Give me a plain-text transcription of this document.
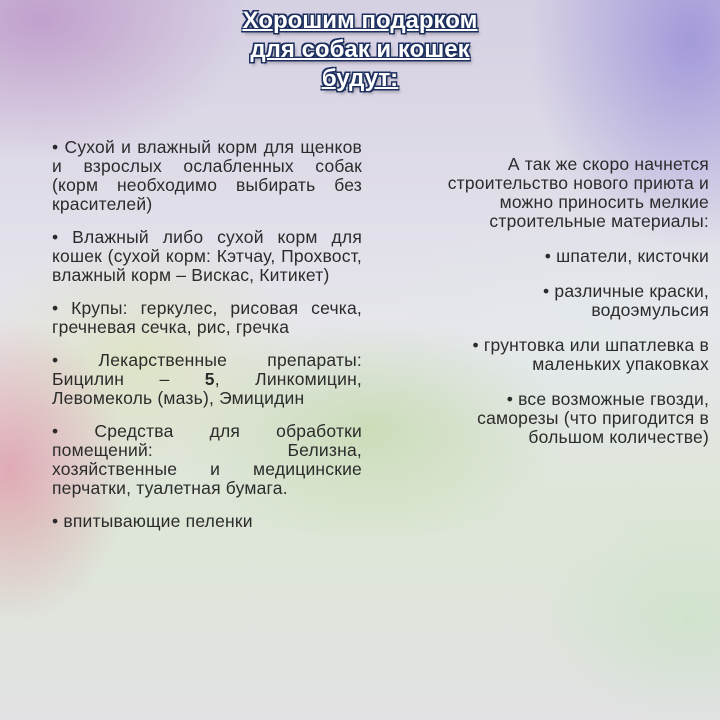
Хорошим подарком
для собак и кошек
будут:

• Сухой и влажный корм для щенков и взрослых ослабленных собак (корм необходимо выбирать без красителей)

• Влажный либо сухой корм для кошек (сухой корм: Кэтчау, Прохвост, влажный корм – Вискас, Китикет)

• Крупы: геркулес, рисовая сечка, гречневая сечка, рис, гречка

• Лекарственные препараты: Бицилин – 5, Линкомицин, Левомеколь (мазь), Эмицидин

• Средства для обработки помещений: Белизна, хозяйственные и медицинские перчатки, туалетная бумага.

• впитывающие пеленки

А так же скоро начнется строительство нового приюта и можно приносить мелкие строительные материалы:

• шпатели, кисточки

• различные краски, водоэмульсия

• грунтовка или шпатлевка в маленьких упаковках

• все возможные гвозди, саморезы (что пригодится в большом количестве)
